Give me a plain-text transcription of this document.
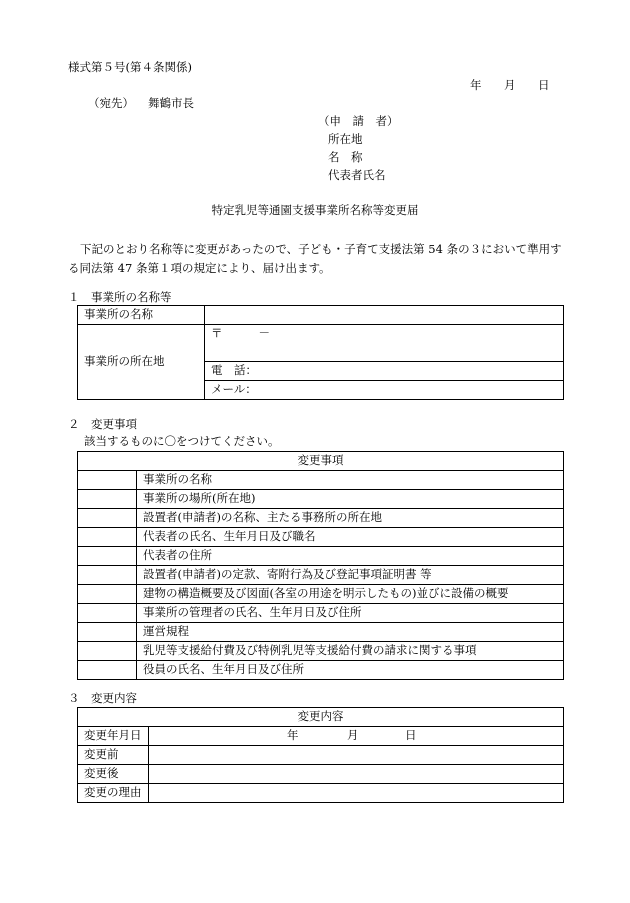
様式第５号(第４条関係)
年 月 日
（宛先） 舞鶴市長
（申　請　者）
所在地
名　称
代表者氏名
特定乳児等通園支援事業所名称等変更届
下記のとおり名称等に変更があったので、子ども・子育て支援法第 54 条の３において準用する同法第 47 条第１項の規定により、届け出ます。
１　事業所の名称等
事業所の名称	
事業所の所在地	〒 －
	電　話：
	メール：
２　変更事項
該当するものに〇をつけてください。
変更事項	
	事業所の名称
	事業所の場所(所在地)
	設置者(申請者)の名称、主たる事務所の所在地
	代表者の氏名、生年月日及び職名
	代表者の住所
	設置者(申請者)の定款、寄附行為及び登記事項証明書 等
	建物の構造概要及び図面(各室の用途を明示したもの)並びに設備の概要
	事業所の管理者の氏名、生年月日及び住所
	運営規程
	乳児等支援給付費及び特例乳児等支援給付費の請求に関する事項
	役員の氏名、生年月日及び住所
３　変更内容
変更内容	
変更年月日	年 月 日
変更前	
変更後	
変更の理由	
